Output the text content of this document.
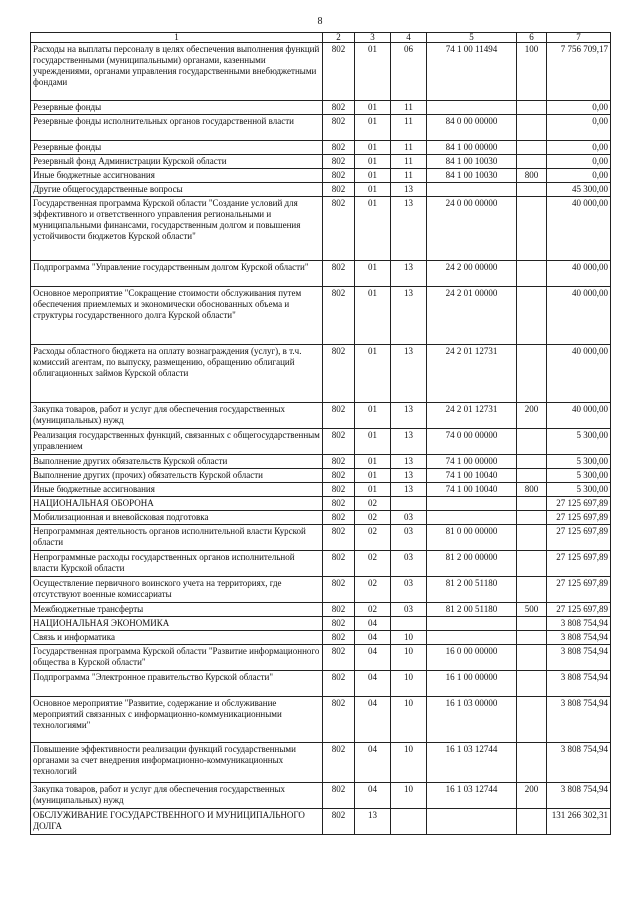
8
1	2	3	4	5	6	7
Расходы на выплаты персоналу в целях обеспечения выполнения функций государственными (муниципальными) органами, казенными учреждениями, органами управления государственными внебюджетными фондами	802	01	06	74 1 00 11494	100	7 756 709,17
Резервные фонды	802	01	11			0,00
Резервные фонды исполнительных органов государственной власти	802	01	11	84 0 00 00000		0,00
Резервные фонды	802	01	11	84 1 00 00000		0,00
Резервный фонд Администрации Курской области	802	01	11	84 1 00 10030		0,00
Иные бюджетные ассигнования	802	01	11	84 1 00 10030	800	0,00
Другие общегосударственные вопросы	802	01	13			45 300,00
Государственная программа Курской области "Создание условий для эффективного и ответственного управления региональными и муниципальными финансами, государственным долгом и повышения устойчивости бюджетов Курской области"	802	01	13	24 0 00 00000		40 000,00
Подпрограмма "Управление государственным долгом Курской области"	802	01	13	24 2 00 00000		40 000,00
Основное мероприятие "Сокращение стоимости обслуживания путем обеспечения приемлемых и экономически обоснованных объема и структуры государственного долга Курской области"	802	01	13	24 2 01 00000		40 000,00
Расходы областного бюджета на оплату вознаграждения (услуг), в т.ч. комиссий агентам, по выпуску, размещению, обращению облигаций облигационных займов Курской области	802	01	13	24 2 01 12731		40 000,00
Закупка товаров, работ и услуг для обеспечения государственных (муниципальных) нужд	802	01	13	24 2 01 12731	200	40 000,00
Реализация государственных функций, связанных с общегосударственным управлением	802	01	13	74 0 00 00000		5 300,00
Выполнение других обязательств Курской области	802	01	13	74 1 00 00000		5 300,00
Выполнение других (прочих) обязательств Курской области	802	01	13	74 1 00 10040		5 300,00
Иные бюджетные ассигнования	802	01	13	74 1 00 10040	800	5 300,00
НАЦИОНАЛЬНАЯ ОБОРОНА	802	02				27 125 697,89
Мобилизационная и вневойсковая подготовка	802	02	03			27 125 697,89
Непрограммная деятельность органов исполнительной власти Курской области	802	02	03	81 0 00 00000		27 125 697,89
Непрограммные расходы государственных органов исполнительной власти Курской области	802	02	03	81 2 00 00000		27 125 697,89
Осуществление первичного воинского учета на территориях, где отсутствуют военные комиссариаты	802	02	03	81 2 00 51180		27 125 697,89
Межбюджетные трансферты	802	02	03	81 2 00 51180	500	27 125 697,89
НАЦИОНАЛЬНАЯ ЭКОНОМИКА	802	04				3 808 754,94
Связь и информатика	802	04	10			3 808 754,94
Государственная программа Курской области "Развитие информационного общества в Курской области"	802	04	10	16 0 00 00000		3 808 754,94
Подпрограмма "Электронное правительство Курской области"	802	04	10	16 1 00 00000		3 808 754,94
Основное мероприятие "Развитие, содержание и обслуживание мероприятий связанных с информационно-коммуникационными технологиями"	802	04	10	16 1 03 00000		3 808 754,94
Повышение эффективности реализации функций государственными органами за счет внедрения информационно-коммуникационных технологий	802	04	10	16 1 03 12744		3 808 754,94
Закупка товаров, работ и услуг для обеспечения государственных (муниципальных) нужд	802	04	10	16 1 03 12744	200	3 808 754,94
ОБСЛУЖИВАНИЕ ГОСУДАРСТВЕННОГО И МУНИЦИПАЛЬНОГО ДОЛГА	802	13				131 266 302,31
